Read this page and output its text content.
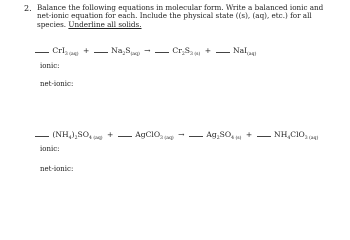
2. Balance the following equations in molecular form. Write a balanced ionic and net-ionic equation for each. Include the physical state ((s), (aq), etc.) for all species. Underline all solids.
CrI$_{3 (aq)}$ +	$Na_2S_{(aq)}$ →	$Cr_2S_{3 (s)}$ +	NaI$_{(aq)}$
ionic:
net-ionic:
$(NH_4)_2SO_{4 (aq)}$ +	AgClO$_{3 (aq)}$ →	$Ag_2SO_{4 (s)}$ +	$NH_4ClO_{3 (aq)}$
ionic:
net-ionic:
